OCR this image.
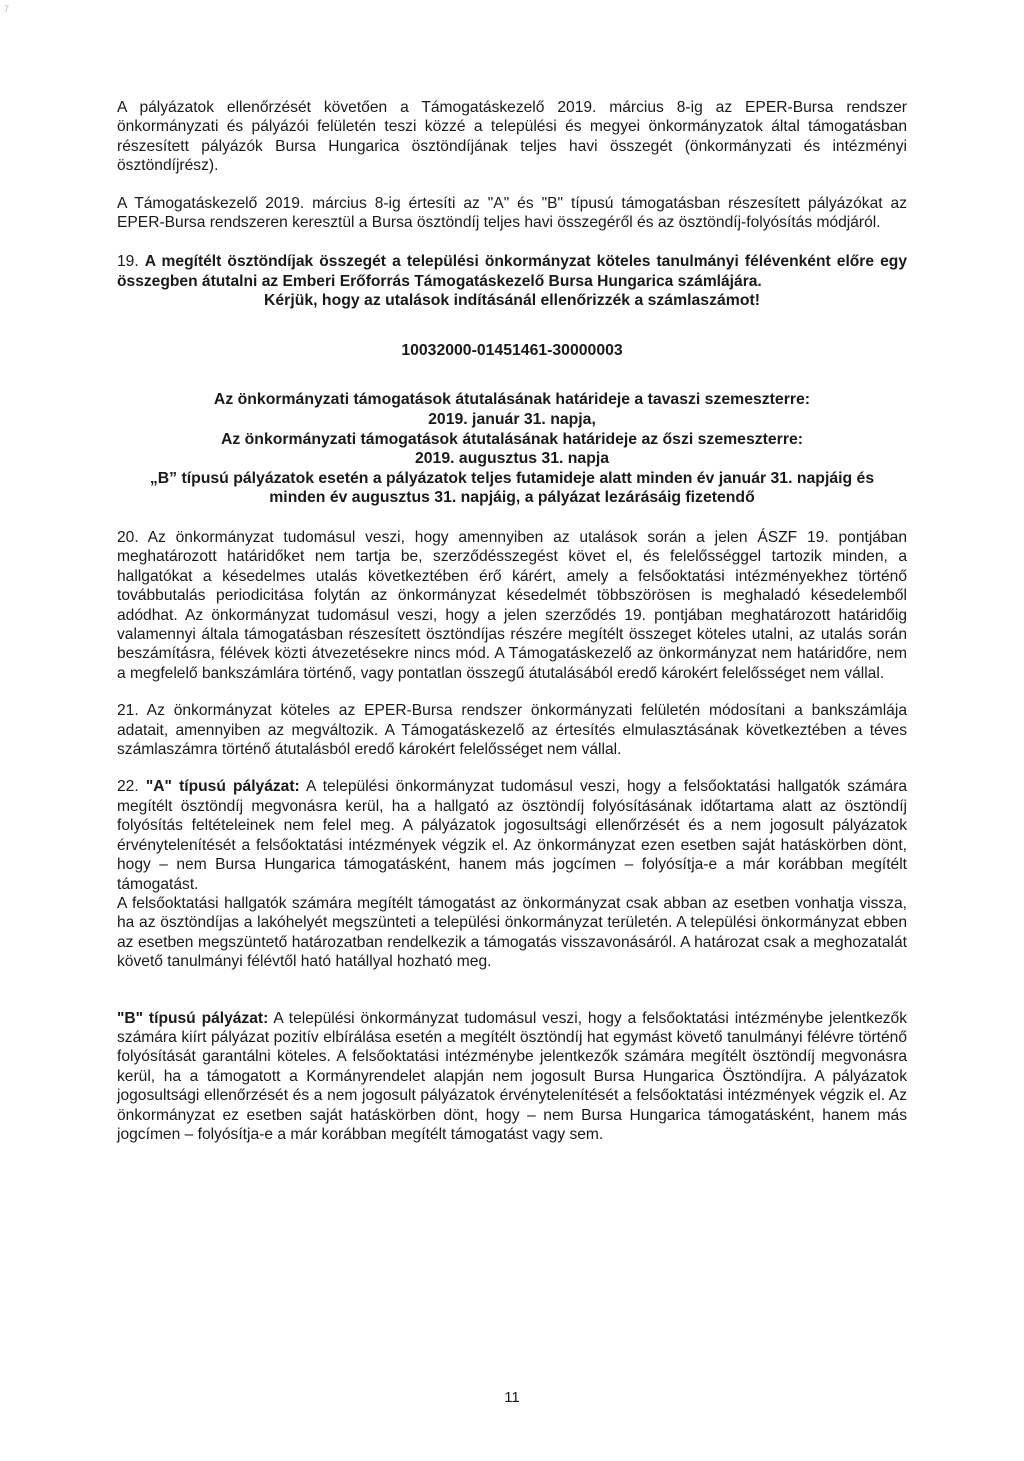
7

A pályázatok ellenőrzését követően a Támogatáskezelő 2019. március 8-ig az EPER-Bursa rendszer önkormányzati és pályázói felületén teszi közzé a települési és megyei önkormányzatok által támogatásban részesített pályázók Bursa Hungarica ösztöndíjának teljes havi összegét (önkormányzati és intézményi ösztöndíjrész).

A Támogatáskezelő 2019. március 8-ig értesíti az "A" és "B" típusú támogatásban részesített pályázókat az EPER-Bursa rendszeren keresztül a Bursa ösztöndíj teljes havi összegéről és az ösztöndíj-folyósítás módjáról.

19. A megítélt ösztöndíjak összegét a települési önkormányzat köteles tanulmányi félévenként előre egy összegben átutalni az Emberi Erőforrás Támogatáskezelő Bursa Hungarica számlájára.

Kérjük, hogy az utalások indításánál ellenőrizzék a számlaszámot!
10032000-01451461-30000003
Az önkormányzati támogatások átutalásának határideje a tavaszi szemeszterre:
2019. január 31. napja,
Az önkormányzati támogatások átutalásának határideje az őszi szemeszterre:
2019. augusztus 31. napja
„B” típusú pályázatok esetén a pályázatok teljes futamideje alatt minden év január 31. napjáig és minden év augusztus 31. napjáig, a pályázat lezárásáig fizetendő

20. Az önkormányzat tudomásul veszi, hogy amennyiben az utalások során a jelen ÁSZF 19. pontjában meghatározott határidőket nem tartja be, szerződésszegést követ el, és felelősséggel tartozik minden, a hallgatókat a késedelmes utalás következtében érő kárért, amely a felsőoktatási intézményekhez történő továbbutalás periodicitása folytán az önkormányzat késedelmét többszörösen is meghaladó késedelemből adódhat. Az önkormányzat tudomásul veszi, hogy a jelen szerződés 19. pontjában meghatározott határidőig valamennyi általa támogatásban részesített ösztöndíjas részére megítélt összeget köteles utalni, az utalás során beszámításra, félévek közti átvezetésekre nincs mód. A Támogatáskezelő az önkormányzat nem határidőre, nem a megfelelő bankszámlára történő, vagy pontatlan összegű átutalásából eredő károkért felelősséget nem vállal.

21. Az önkormányzat köteles az EPER-Bursa rendszer önkormányzati felületén módosítani a bankszámlája adatait, amennyiben az megváltozik. A Támogatáskezelő az értesítés elmulasztásának következtében a téves számlaszámra történő átutalásból eredő károkért felelősséget nem vállal.

22. "A" típusú pályázat: A települési önkormányzat tudomásul veszi, hogy a felsőoktatási hallgatók számára megítélt ösztöndíj megvonásra kerül, ha a hallgató az ösztöndíj folyósításának időtartama alatt az ösztöndíj folyósítás feltételeinek nem felel meg. A pályázatok jogosultsági ellenőrzését és a nem jogosult pályázatok érvénytelenítését a felsőoktatási intézmények végzik el. Az önkormányzat ezen esetben saját hatáskörben dönt, hogy – nem Bursa Hungarica támogatásként, hanem más jogcímen – folyósítja-e a már korábban megítélt támogatást.

A felsőoktatási hallgatók számára megítélt támogatást az önkormányzat csak abban az esetben vonhatja vissza, ha az ösztöndíjas a lakóhelyét megszünteti a települési önkormányzat területén. A települési önkormányzat ebben az esetben megszüntető határozatban rendelkezik a támogatás visszavonásáról. A határozat csak a meghozatalát követő tanulmányi félévtől ható hatállyal hozható meg.

"B" típusú pályázat: A települési önkormányzat tudomásul veszi, hogy a felsőoktatási intézménybe jelentkezők számára kiírt pályázat pozitív elbírálása esetén a megítélt ösztöndíj hat egymást követő tanulmányi félévre történő folyósítását garantálni köteles. A felsőoktatási intézménybe jelentkezők számára megítélt ösztöndíj megvonásra kerül, ha a támogatott a Kormányrendelet alapján nem jogosult Bursa Hungarica Ösztöndíjra. A pályázatok jogosultsági ellenőrzését és a nem jogosult pályázatok érvénytelenítését a felsőoktatási intézmények végzik el. Az önkormányzat ez esetben saját hatáskörben dönt, hogy – nem Bursa Hungarica támogatásként, hanem más jogcímen – folyósítja-e a már korábban megítélt támogatást vagy sem.

11
